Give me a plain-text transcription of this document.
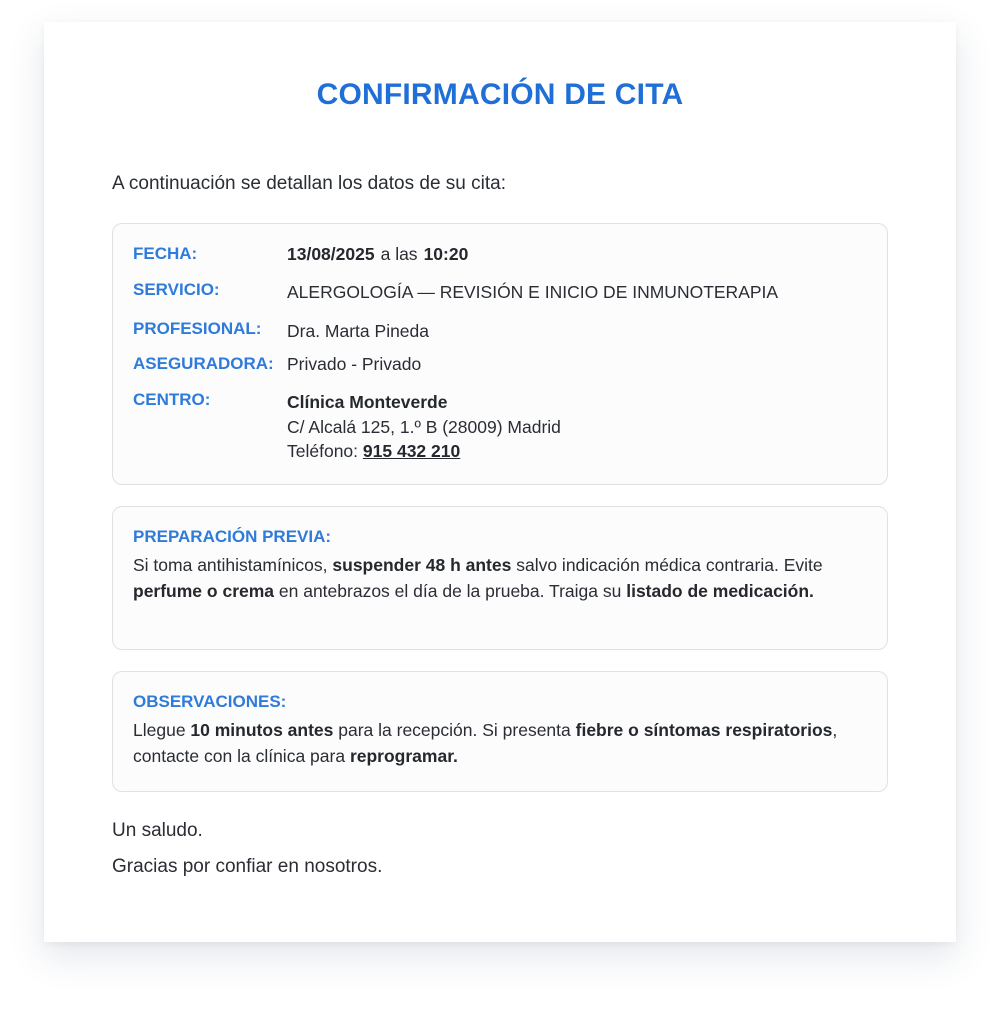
CONFIRMACIÓN DE CITA

A continuación se detallan los datos de su cita:

FECHA:	13/08/2025 a las 10:20
SERVICIO:	ALERGOLOGÍA — REVISIÓN E INICIO DE INMUNOTERAPIA
PROFESIONAL: Dra. Marta Pineda
ASEGURADORA: Privado - Privado
CENTRO:	Clínica Monteverde
C/ Alcalá 125, 1.º B (28009) Madrid
Teléfono: 915 432 210
PREPARACIÓN PREVIA:
Si toma antihistamínicos, suspender 48 h antes salvo indicación médica contraria. Evite perfume o crema en antebrazos el día de la prueba. Traiga su listado de medicación.
OBSERVACIONES:
Llegue 10 minutos antes para la recepción. Si presenta fiebre o síntomas respiratorios, contacte con la clínica para reprogramar.

Un saludo.

Gracias por confiar en nosotros.
